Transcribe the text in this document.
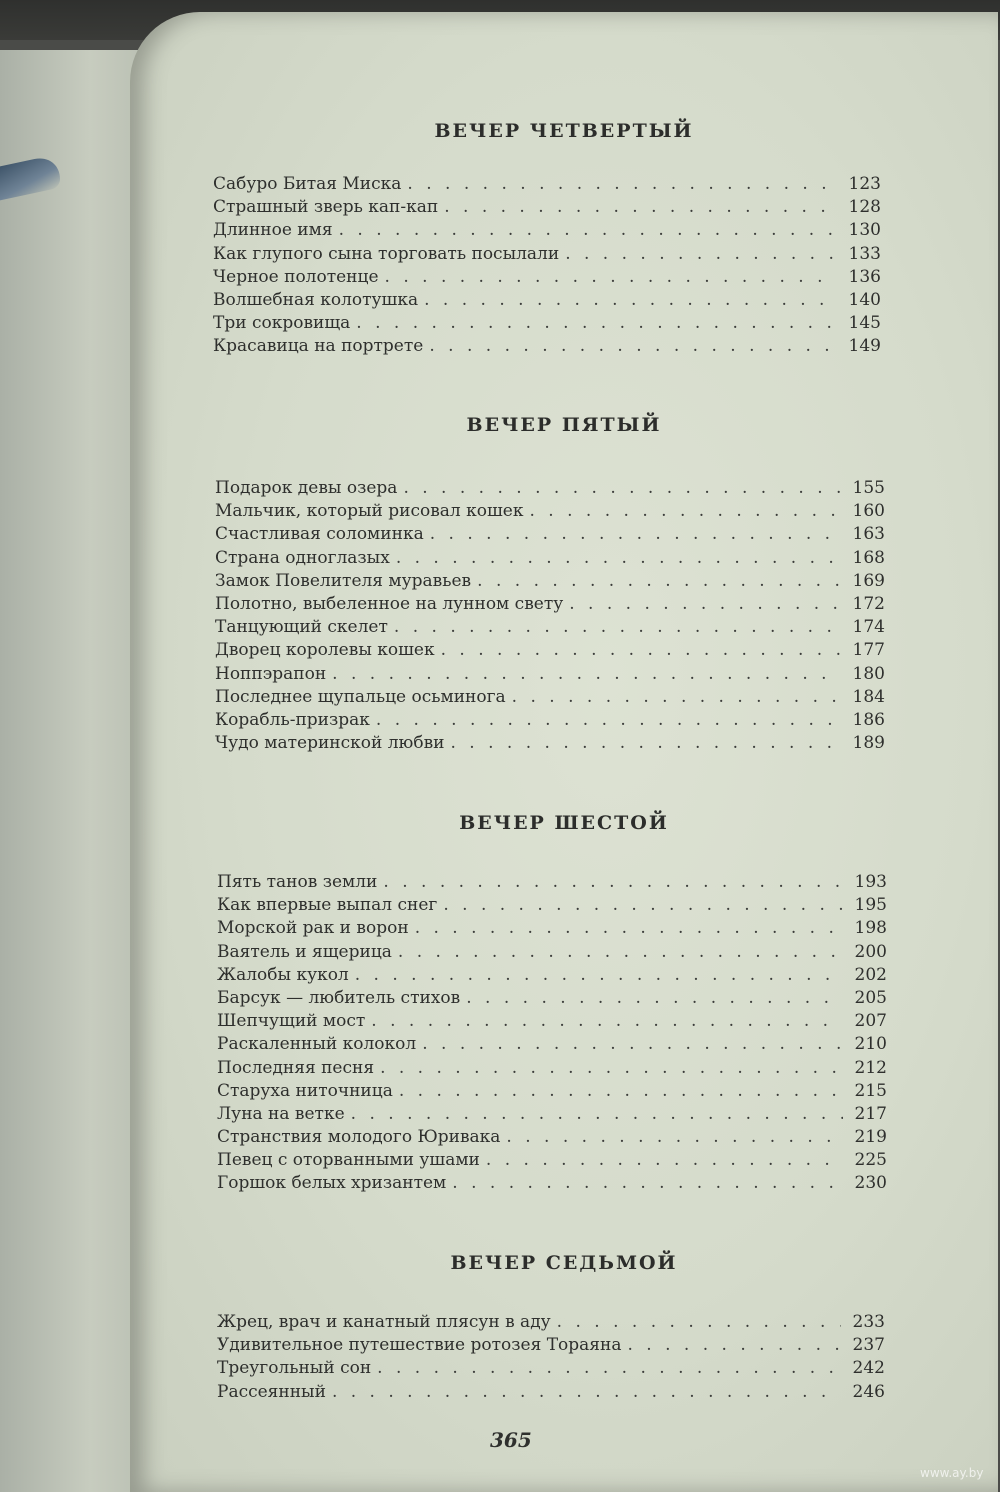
ВЕЧЕР ЧЕТВЕРТЫЙ
Сабуро Битая Миска . . .	123
Страшный зверь кап-кап . . .	128
Длинное имя . . .	130
Как глупого сына торговать посылали . . .	133
Черное полотенце . . .	136
Волшебная колотушка . . .	140
Три сокровища . . .	145
Красавица на портрете . . .	149
ВЕЧЕР ПЯТЫЙ
Подарок девы озера . . .	155
Мальчик, который рисовал кошек . . .	160
Счастливая соломинка . . .	163
Страна одноглазых . . .	168
Замок Повелителя муравьев . . .	169
Полотно, выбеленное на лунном свету . . .	172
Танцующий скелет . . .	174
Дворец королевы кошек . . .	177
Ноппэрапон . . .	180
Последнее щупальце осьминога . . .	184
Корабль-призрак . . .	186
Чудо материнской любви . . .	189
ВЕЧЕР ШЕСТОЙ
Пять танов земли . . .	193
Как впервые выпал снег . . .	195
Морской рак и ворон . . .	198
Ваятель и ящерица . . .	200
Жалобы кукол . . .	202
Барсук — любитель стихов . . .	205
Шепчущий мост . . .	207
Раскаленный колокол . . .	210
Последняя песня . . .	212
Старуха ниточница . . .	215
Луна на ветке . . .	217
Странствия молодого Юривака . . .	219
Певец с оторванными ушами . . .	225
Горшок белых хризантем . . .	230
ВЕЧЕР СЕДЬМОЙ
Жрец, врач и канатный плясун в аду . . .	233
Удивительное путешествие ротозея Тораяна . . .	237
Треугольный сон . . .	242
Рассеянный . . .	246
365
www.ay.by
